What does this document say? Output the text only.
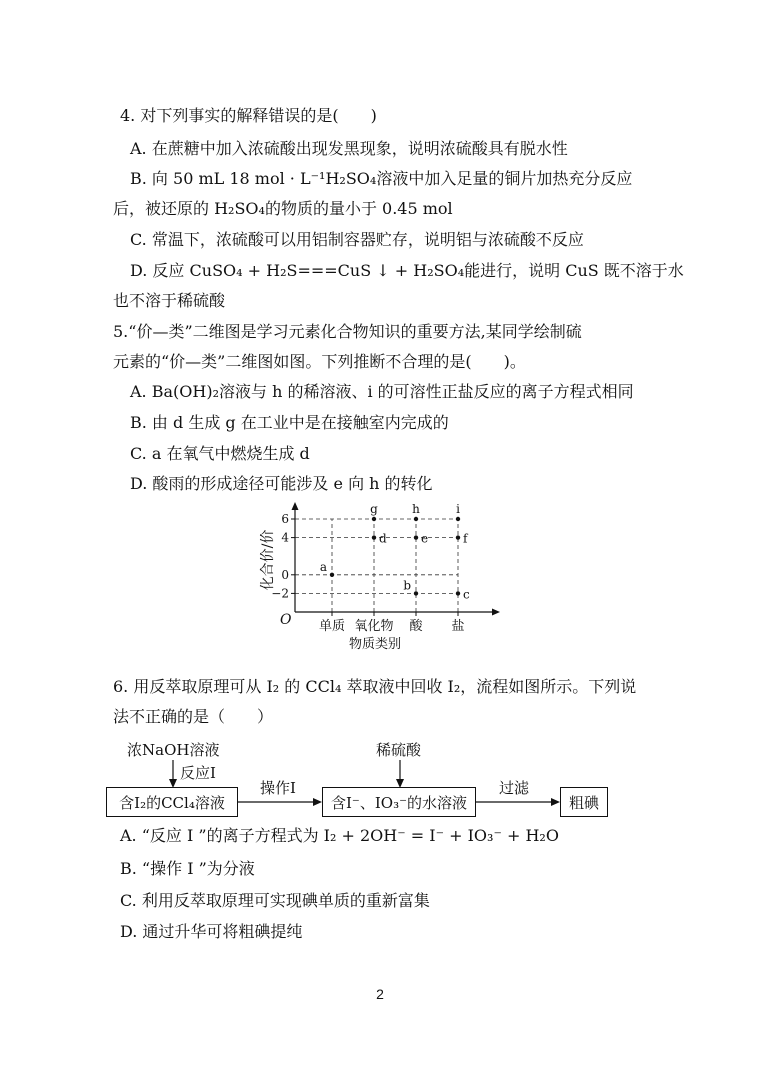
4. 对下列事实的解释错误的是(　　)
A. 在蔗糖中加入浓硫酸出现发黑现象，说明浓硫酸具有脱水性
B. 向 50 mL 18 mol · L⁻¹H₂SO₄溶液中加入足量的铜片加热充分反应
后，被还原的 H₂SO₄的物质的量小于 0.45 mol
C. 常温下，浓硫酸可以用铝制容器贮存，说明铝与浓硫酸不反应
D. 反应 CuSO₄ + H₂S===CuS ↓ + H₂SO₄能进行，说明 CuS 既不溶于水
也不溶于稀硫酸
5.“价—类”二维图是学习元素化合物知识的重要方法,某同学绘制硫
元素的“价—类”二维图如图。下列推断不合理的是(　　)。
A. Ba(OH)₂溶液与 h 的稀溶液、i 的可溶性正盐反应的离子方程式相同
B. 由 d 生成 g 在工业中是在接触室内完成的
C. a 在氧气中燃烧生成 d
D. 酸雨的形成途径可能涉及 e 向 h 的转化
6
4
0
−2
单质 氧化物 酸 盐
a
g
d
h
e
b
i
f
c
O
物质类别
化合价/价
6. 用反萃取原理可从 I₂ 的 CCl₄ 萃取液中回收 I₂，流程如图所示。下列说
法不正确的是（　　）
浓NaOH溶液
反应I
含I₂的CCl₄溶液
操作I
稀硫酸
含I⁻、IO₃⁻的水溶液
过滤
粗碘
A. “反应 I ”的离子方程式为 I₂ + 2OH⁻ = I⁻ + IO₃⁻ + H₂O
B. “操作 I ”为分液
C. 利用反萃取原理可实现碘单质的重新富集
D. 通过升华可将粗碘提纯
2
